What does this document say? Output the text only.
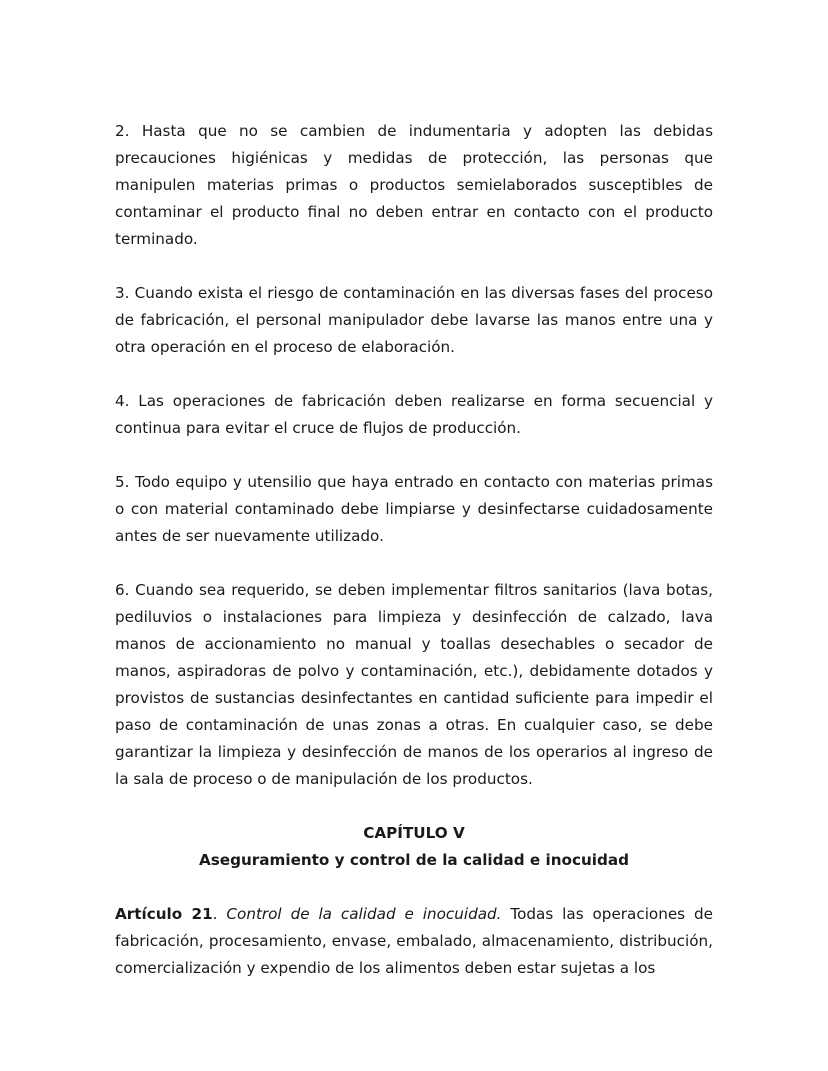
2. Hasta que no se cambien de indumentaria y adopten las debidas precauciones higiénicas y medidas de protección, las personas que manipulen materias primas o productos semielaborados susceptibles de contaminar el producto final no deben entrar en contacto con el producto terminado.

3. Cuando exista el riesgo de contaminación en las diversas fases del proceso de fabricación, el personal manipulador debe lavarse las manos entre una y otra operación en el proceso de elaboración.

4. Las operaciones de fabricación deben realizarse en forma secuencial y continua para evitar el cruce de flujos de producción.

5. Todo equipo y utensilio que haya entrado en contacto con materias primas o con material contaminado debe limpiarse y desinfectarse cuidadosamente antes de ser nuevamente utilizado.

6. Cuando sea requerido, se deben implementar filtros sanitarios (lava botas, pediluvios o instalaciones para limpieza y desinfección de calzado, lava manos de accionamiento no manual y toallas desechables o secador de manos, aspiradoras de polvo y contaminación, etc.), debidamente dotados y provistos de sustancias desinfectantes en cantidad suficiente para impedir el paso de contaminación de unas zonas a otras. En cualquier caso, se debe garantizar la limpieza y desinfección de manos de los operarios al ingreso de la sala de proceso o de manipulación de los productos.

CAPÍTULO V

Aseguramiento y control de la calidad e inocuidad

Artículo 21. Control de la calidad e inocuidad. Todas las operaciones de fabricación, procesamiento, envase, embalado, almacenamiento, distribución, comercialización y expendio de los alimentos deben estar sujetas a los
